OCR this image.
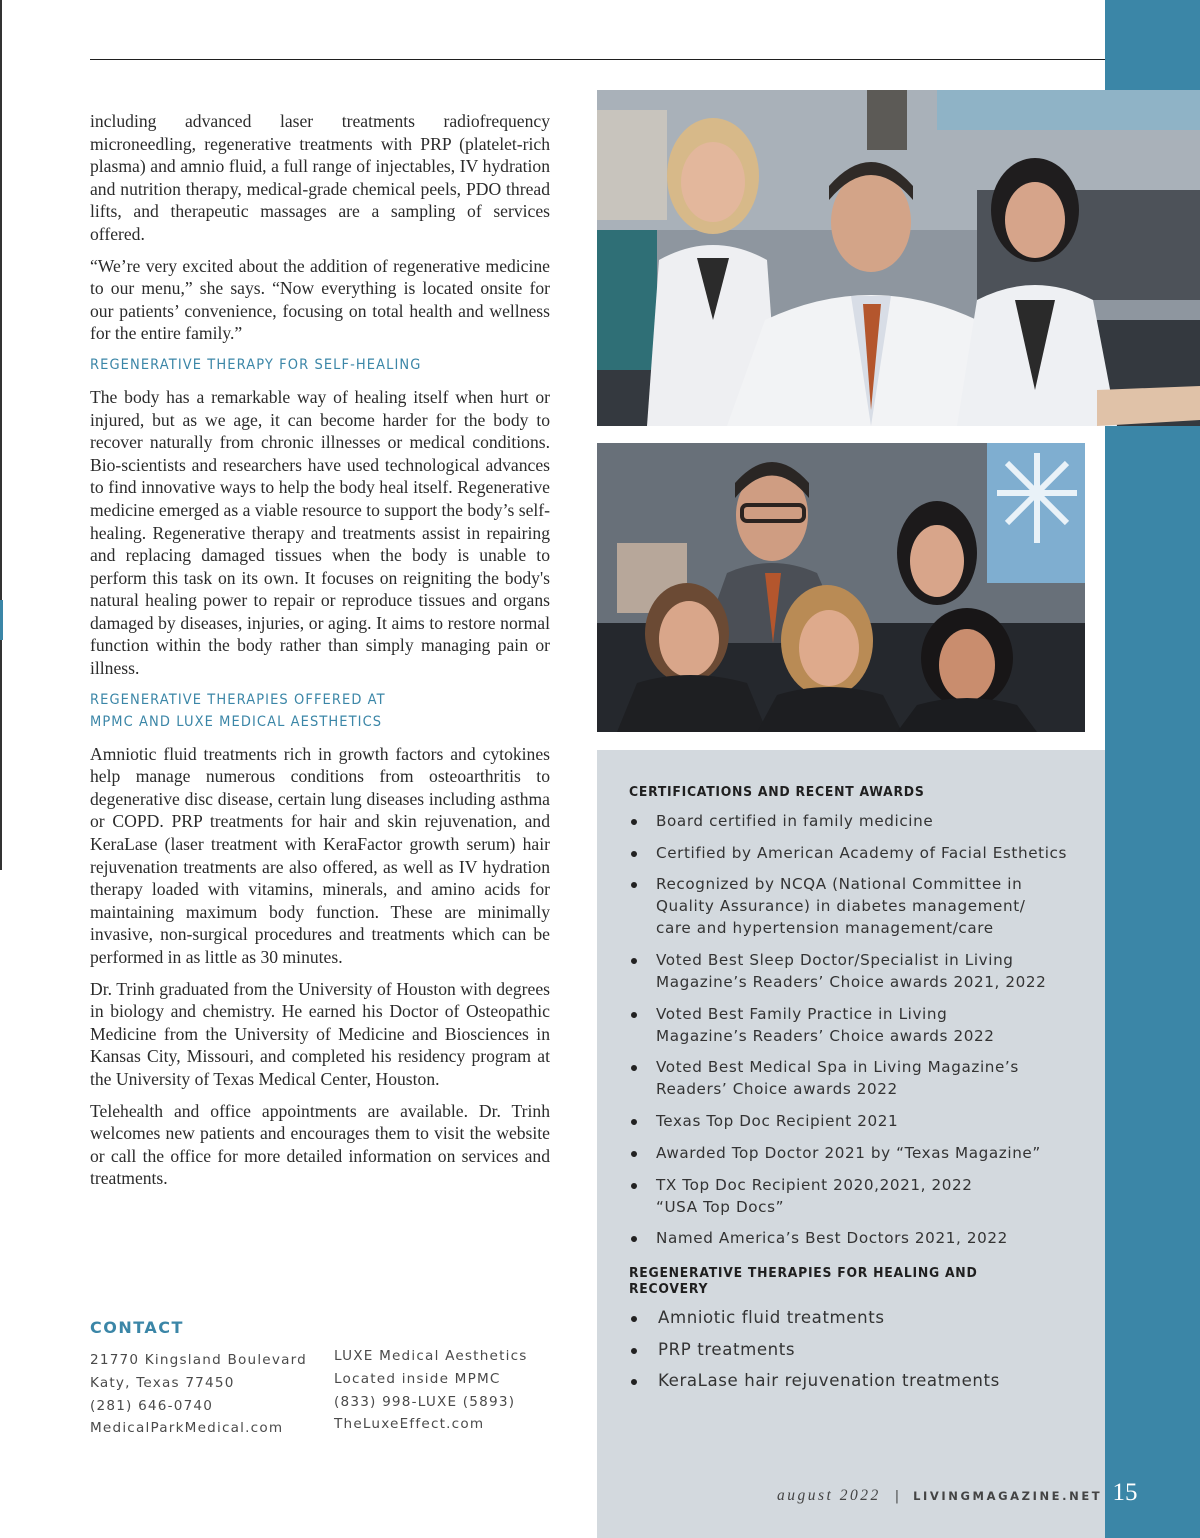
including advanced laser treatments radiofrequency microneedling, regenerative treatments with PRP (platelet-rich plasma) and amnio fluid, a full range of injectables, IV hydration and nutrition therapy, medical-grade chemical peels, PDO thread lifts, and therapeutic massages are a sampling of services offered.

“We’re very excited about the addition of regenerative medicine to our menu,” she says. “Now everything is located onsite for our patients’ convenience, focusing on total health and wellness for the entire family.”

REGENERATIVE THERAPY FOR SELF-HEALING

The body has a remarkable way of healing itself when hurt or injured, but as we age, it can become harder for the body to recover naturally from chronic illnesses or medical conditions. Bio-scientists and researchers have used technological advances to find innovative ways to help the body heal itself. Regenerative medicine emerged as a viable resource to support the body’s self-healing. Regenerative therapy and treatments assist in repairing and replacing damaged tissues when the body is unable to perform this task on its own. It focuses on reigniting the body's natural healing power to repair or reproduce tissues and organs damaged by diseases, injuries, or aging. It aims to restore normal function within the body rather than simply managing pain or illness.

REGENERATIVE THERAPIES OFFERED AT
MPMC AND LUXE MEDICAL AESTHETICS

Amniotic fluid treatments rich in growth factors and cytokines help manage numerous conditions from osteoarthritis to degenerative disc disease, certain lung diseases including asthma or COPD. PRP treatments for hair and skin rejuvenation, and KeraLase (laser treatment with KeraFactor growth serum) hair rejuvenation treatments are also offered, as well as IV hydration therapy loaded with vitamins, minerals, and amino acids for maintaining maximum body function. These are minimally invasive, non-surgical procedures and treatments which can be performed in as little as 30 minutes.

Dr. Trinh graduated from the University of Houston with degrees in biology and chemistry. He earned his Doctor of Osteopathic Medicine from the University of Medicine and Biosciences in Kansas City, Missouri, and completed his residency program at the University of Texas Medical Center, Houston.

Telehealth and office appointments are available. Dr. Trinh welcomes new patients and encourages them to visit the website or call the office for more detailed information on services and treatments.

CONTACT
21770 Kingsland Boulevard
Katy, Texas 77450
(281) 646-0740
MedicalParkMedical.com
LUXE Medical Aesthetics
Located inside MPMC
(833) 998-LUXE (5893)
TheLuxeEffect.com
CERTIFICATIONS AND RECENT AWARDS
Board certified in family medicine
Certified by American Academy of Facial Esthetics
Recognized by NCQA (National Committee in Quality Assurance) in diabetes management/ care and hypertension management/care
Voted Best Sleep Doctor/Specialist in Living Magazine’s Readers’ Choice awards 2021, 2022
Voted Best Family Practice in Living Magazine’s Readers’ Choice awards 2022
Voted Best Medical Spa in Living Magazine’s Readers’ Choice awards 2022
Texas Top Doc Recipient 2021
Awarded Top Doctor 2021 by “Texas Magazine”
TX Top Doc Recipient 2020,2021, 2022 “USA Top Docs”
Named America’s Best Doctors 2021, 2022
REGENERATIVE THERAPIES FOR HEALING AND RECOVERY
Amniotic fluid treatments
PRP treatments
KeraLase hair rejuvenation treatments
august 2022 | LIVINGMAGAZINE.NET 15
